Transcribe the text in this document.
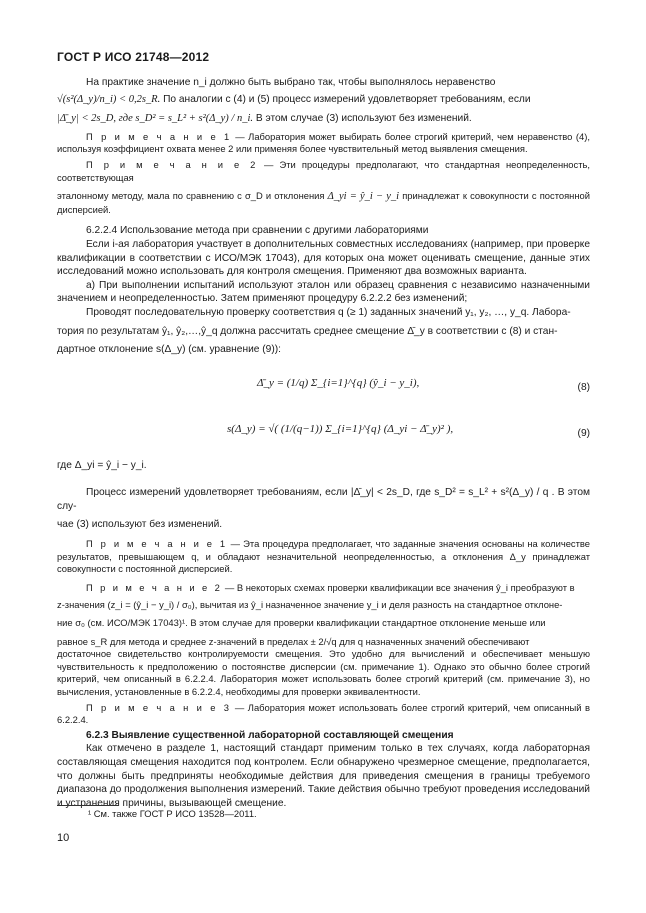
ГОСТ Р ИСО 21748—2012

На практике значение n_i должно быть выбрано так, чтобы выполнялось неравенство

√(s²(Δ_y)/n_i) < 0,2s_R. По аналогии с (4) и (5) процесс измерений удовлетворяет требованиям, если

|Δ̄_y| < 2s_D, где s_D² = s_L² + s²(Δ_y) / n_i. В этом случае (3) используют без изменений.

П р и м е ч а н и е 1 — Лаборатория может выбирать более строгий критерий, чем неравенство (4), используя коэффициент охвата менее 2 или применяя более чувствительный метод выявления смещения.

П р и м е ч а н и е 2 — Эти процедуры предполагают, что стандартная неопределенность, соответствующая

эталонному методу, мала по сравнению с σ_D и отклонения Δ_yi = ŷ_i − y_i принадлежат к совокупности с постоянной дисперсией.

6.2.2.4 Использование метода при сравнении с другими лабораториями

Если i-ая лаборатория участвует в дополнительных совместных исследованиях (например, при проверке квалификации в соответствии с ИСО/МЭК 17043), для которых она может оценивать смещение, данные этих исследований можно использовать для контроля смещения. Применяют два возможных варианта.

а) При выполнении испытаний используют эталон или образец сравнения с независимо назначенными значением и неопределенностью. Затем применяют процедуру 6.2.2.2 без изменений;

Проводят последовательную проверку соответствия q (≥ 1) заданных значений y₁, y₂, …, y_q. Лабора-

тория по результатам ŷ₁, ŷ₂,…,ŷ_q должна рассчитать среднее смещение Δ̄_y в соответствии с (8) и стан-

дартное отклонение s(Δ_y) (см. уравнение (9)):

Δ̄_y = (1/q) Σ_{i=1}^{q} (ŷ_i − y_i),	(8)
s(Δ_y) = √( (1/(q−1)) Σ_{i=1}^{q} (Δ_yi − Δ̄_y)² ),	(9)

где Δ_yi = ŷ_i − y_i.

Процесс измерений удовлетворяет требованиям, если |Δ̄_y| < 2s_D, где s_D² = s_L² + s²(Δ_y) / q . В этом слу-

чае (3) используют без изменений.

П р и м е ч а н и е 1 — Эта процедура предполагает, что заданные значения основаны на количестве результатов, превышающем q, и обладают незначительной неопределенностью, а отклонения Δ_y принадлежат совокупности с постоянной дисперсией.

П р и м е ч а н и е 2 — В некоторых схемах проверки квалификации все значения ŷ_i преобразуют в

z-значения (z_i = (ŷ_i − y_i) / σ₀), вычитая из ŷ_i назначенное значение y_i и деля разность на стандартное отклоне-

ние σ₀ (см. ИСО/МЭК 17043)¹. В этом случае для проверки квалификации стандартное отклонение меньше или

равное s_R для метода и среднее z-значений в пределах ± 2/√q для q назначенных значений обеспечивают

достаточное свидетельство контролируемости смещения. Это удобно для вычислений и обеспечивает меньшую чувствительность к предположению о постоянстве дисперсии (см. примечание 1). Однако это обычно более строгий критерий, чем описанный в 6.2.2.4. Лаборатория может использовать более строгий критерий (см. примечание 3), но вычисления, установленные в 6.2.2.4, необходимы для проверки эквивалентности.

П р и м е ч а н и е 3 — Лаборатория может использовать более строгий критерий, чем описанный в 6.2.2.4.

6.2.3 Выявление существенной лабораторной составляющей смещения

Как отмечено в разделе 1, настоящий стандарт применим только в тех случаях, когда лабораторная составляющая смещения находится под контролем. Если обнаружено чрезмерное смещение, предполагается, что должны быть предприняты необходимые действия для приведения смещения в границы требуемого диапазона до продолжения выполнения измерений. Такие действия обычно требуют проведения исследований и устранения причины, вызывающей смещение.

¹ См. также ГОСТ Р ИСО 13528—2011.
10
